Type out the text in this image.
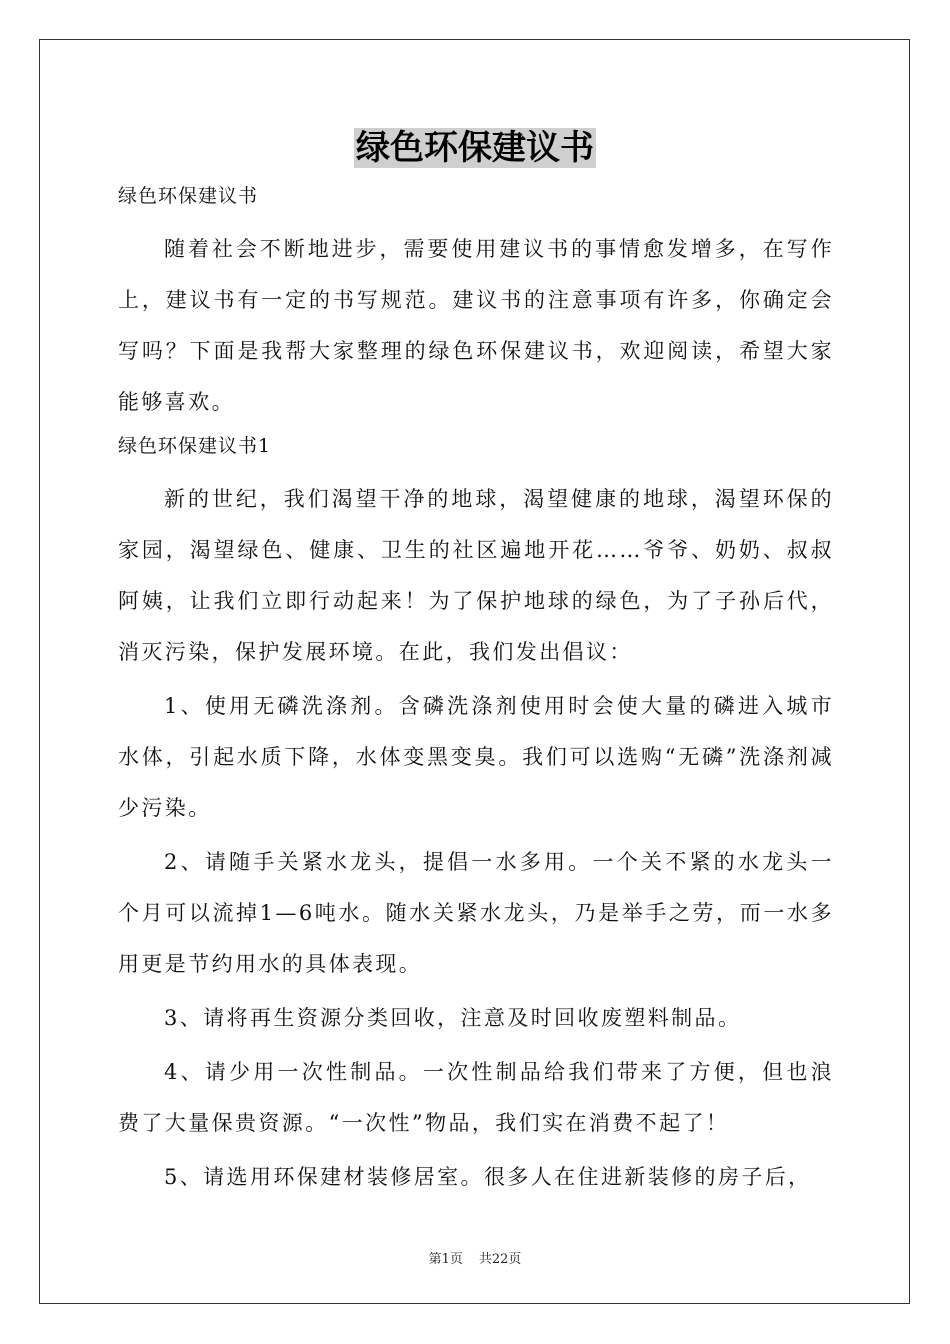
绿色环保建议书
绿色环保建议书

随着社会不断地进步，需要使用建议书的事情愈发增多，在写作上，建议书有一定的书写规范。建议书的注意事项有许多，你确定会写吗？下面是我帮大家整理的绿色环保建议书，欢迎阅读，希望大家能够喜欢。

绿色环保建议书1

新的世纪，我们渴望干净的地球，渴望健康的地球，渴望环保的家园，渴望绿色、健康、卫生的社区遍地开花……爷爷、奶奶、叔叔阿姨，让我们立即行动起来！为了保护地球的绿色，为了子孙后代，消灭污染，保护发展环境。在此，我们发出倡议：

1、使用无磷洗涤剂。含磷洗涤剂使用时会使大量的磷进入城市水体，引起水质下降，水体变黑变臭。我们可以选购“无磷”洗涤剂减少污染。

2、请随手关紧水龙头，提倡一水多用。一个关不紧的水龙头一个月可以流掉1—6吨水。随水关紧水龙头，乃是举手之劳，而一水多用更是节约用水的具体表现。

3、请将再生资源分类回收，注意及时回收废塑料制品。

4、请少用一次性制品。一次性制品给我们带来了方便，但也浪费了大量保贵资源。“一次性”物品，我们实在消费不起了！

5、请选用环保建材装修居室。很多人在住进新装修的房子后，

第1页 共22页
